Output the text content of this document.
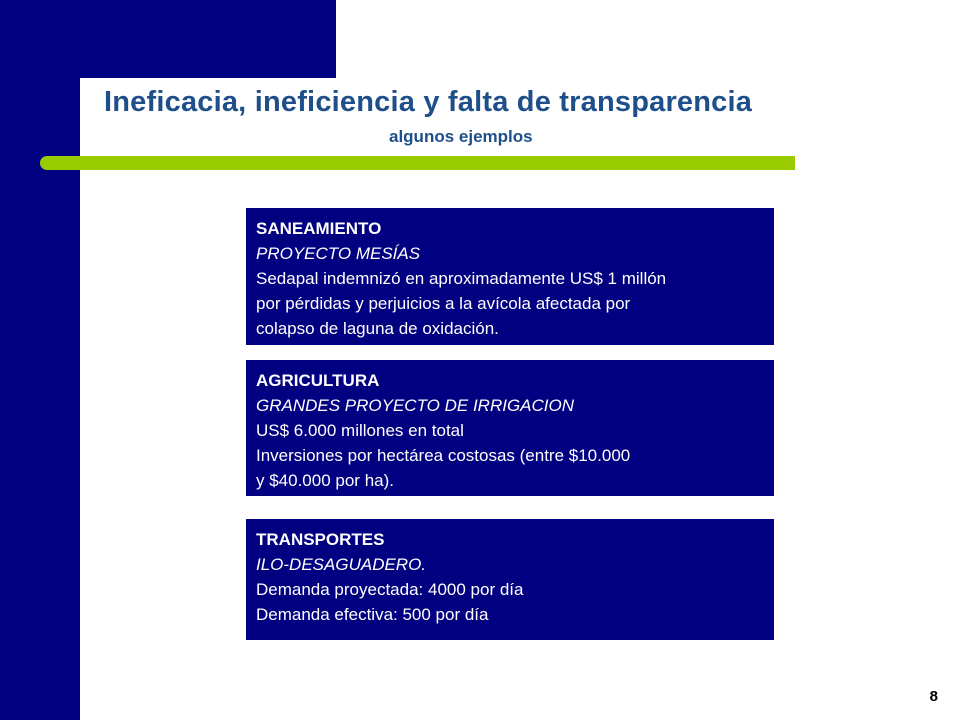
Ineficacia, ineficiencia y falta de transparencia
algunos ejemplos
SANEAMIENTO
PROYECTO MESÍAS
Sedapal indemnizó en aproximadamente US$ 1 millón
por pérdidas y perjuicios a la avícola afectada por
colapso de laguna de oxidación.
AGRICULTURA
GRANDES PROYECTO DE IRRIGACION
US$ 6.000 millones en total
Inversiones por hectárea costosas (entre $10.000
y $40.000 por ha).
TRANSPORTES
ILO-DESAGUADERO.
Demanda proyectada: 4000 por día
Demanda efectiva: 500 por día
8
